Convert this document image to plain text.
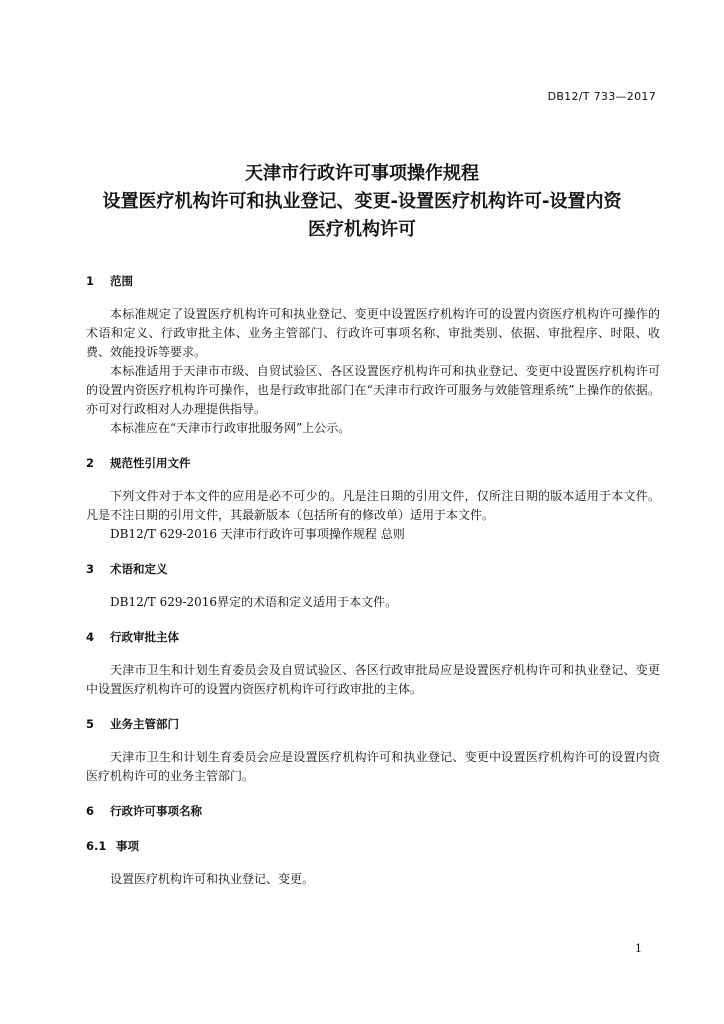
DB12/T 733—2017
天津市行政许可事项操作规程
设置医疗机构许可和执业登记、变更-设置医疗机构许可-设置内资
医疗机构许可
1 范围

本标准规定了设置医疗机构许可和执业登记、变更中设置医疗机构许可的设置内资医疗机构许可操作的术语和定义、行政审批主体、业务主管部门、行政许可事项名称、审批类别、依据、审批程序、时限、收费、效能投诉等要求。

本标准适用于天津市市级、自贸试验区、各区设置医疗机构许可和执业登记、变更中设置医疗机构许可的设置内资医疗机构许可操作，也是行政审批部门在“天津市行政许可服务与效能管理系统”上操作的依据。亦可对行政相对人办理提供指导。

本标准应在“天津市行政审批服务网”上公示。

2 规范性引用文件

下列文件对于本文件的应用是必不可少的。凡是注日期的引用文件，仅所注日期的版本适用于本文件。凡是不注日期的引用文件，其最新版本（包括所有的修改单）适用于本文件。

DB12/T 629-2016 天津市行政许可事项操作规程 总则

3 术语和定义

DB12/T 629-2016界定的术语和定义适用于本文件。

4 行政审批主体

天津市卫生和计划生育委员会及自贸试验区、各区行政审批局应是设置医疗机构许可和执业登记、变更中设置医疗机构许可的设置内资医疗机构许可行政审批的主体。

5 业务主管部门

天津市卫生和计划生育委员会应是设置医疗机构许可和执业登记、变更中设置医疗机构许可的设置内资医疗机构许可的业务主管部门。

6 行政许可事项名称
6.1 事项

设置医疗机构许可和执业登记、变更。

1
